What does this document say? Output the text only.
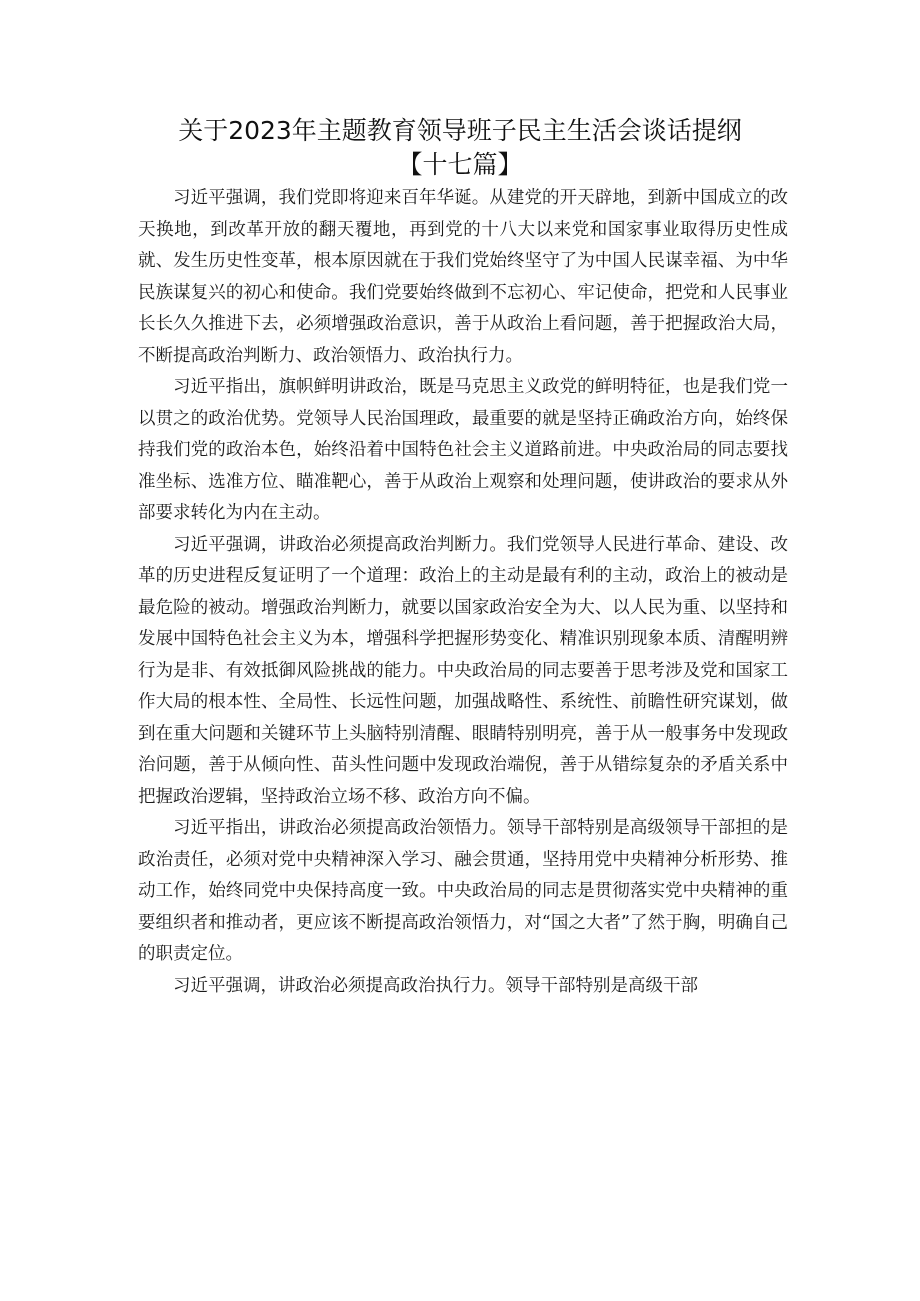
关于2023年主题教育领导班子民主生活会谈话提纲
【十七篇】

习近平强调，我们党即将迎来百年华诞。从建党的开天辟地，到新中国成立的改天换地，到改革开放的翻天覆地，再到党的十八大以来党和国家事业取得历史性成就、发生历史性变革，根本原因就在于我们党始终坚守了为中国人民谋幸福、为中华民族谋复兴的初心和使命。我们党要始终做到不忘初心、牢记使命，把党和人民事业长长久久推进下去，必须增强政治意识，善于从政治上看问题，善于把握政治大局，不断提高政治判断力、政治领悟力、政治执行力。

习近平指出，旗帜鲜明讲政治，既是马克思主义政党的鲜明特征，也是我们党一以贯之的政治优势。党领导人民治国理政，最重要的就是坚持正确政治方向，始终保持我们党的政治本色，始终沿着中国特色社会主义道路前进。中央政治局的同志要找准坐标、选准方位、瞄准靶心，善于从政治上观察和处理问题，使讲政治的要求从外部要求转化为内在主动。

习近平强调，讲政治必须提高政治判断力。我们党领导人民进行革命、建设、改革的历史进程反复证明了一个道理：政治上的主动是最有利的主动，政治上的被动是最危险的被动。增强政治判断力，就要以国家政治安全为大、以人民为重、以坚持和发展中国特色社会主义为本，增强科学把握形势变化、精准识别现象本质、清醒明辨行为是非、有效抵御风险挑战的能力。中央政治局的同志要善于思考涉及党和国家工作大局的根本性、全局性、长远性问题，加强战略性、系统性、前瞻性研究谋划，做到在重大问题和关键环节上头脑特别清醒、眼睛特别明亮，善于从一般事务中发现政治问题，善于从倾向性、苗头性问题中发现政治端倪，善于从错综复杂的矛盾关系中把握政治逻辑，坚持政治立场不移、政治方向不偏。

习近平指出，讲政治必须提高政治领悟力。领导干部特别是高级领导干部担的是政治责任，必须对党中央精神深入学习、融会贯通，坚持用党中央精神分析形势、推动工作，始终同党中央保持高度一致。中央政治局的同志是贯彻落实党中央精神的重要组织者和推动者，更应该不断提高政治领悟力，对“国之大者”了然于胸，明确自己的职责定位。

习近平强调，讲政治必须提高政治执行力。领导干部特别是高级干部
